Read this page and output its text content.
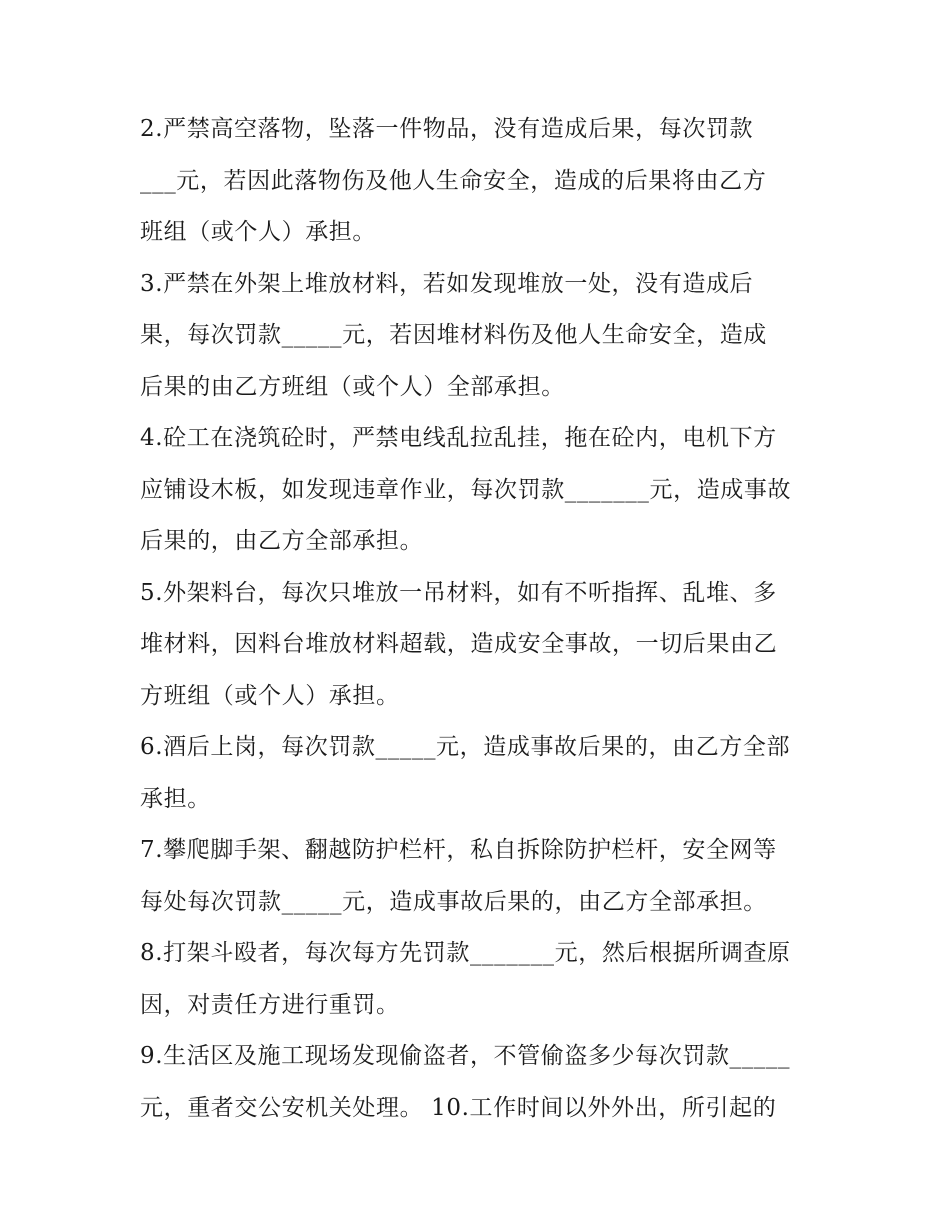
2.严禁高空落物，坠落一件物品，没有造成后果，每次罚款
___元，若因此落物伤及他人生命安全，造成的后果将由乙方
班组（或个人）承担。
3.严禁在外架上堆放材料，若如发现堆放一处，没有造成后
果，每次罚款_____元，若因堆材料伤及他人生命安全，造成
后果的由乙方班组（或个人）全部承担。
4.砼工在浇筑砼时，严禁电线乱拉乱挂，拖在砼内，电机下方
应铺设木板，如发现违章作业，每次罚款_______元，造成事故
后果的，由乙方全部承担。
5.外架料台，每次只堆放一吊材料，如有不听指挥、乱堆、多
堆材料，因料台堆放材料超载，造成安全事故，一切后果由乙
方班组（或个人）承担。
6.酒后上岗，每次罚款_____元，造成事故后果的，由乙方全部
承担。
7.攀爬脚手架、翻越防护栏杆，私自拆除防护栏杆，安全网等
每处每次罚款_____元，造成事故后果的，由乙方全部承担。
8.打架斗殴者，每次每方先罚款_______元，然后根据所调查原
因，对责任方进行重罚。
9.生活区及施工现场发现偷盗者，不管偷盗多少每次罚款_____
元，重者交公安机关处理。 10.工作时间以外外出，所引起的
